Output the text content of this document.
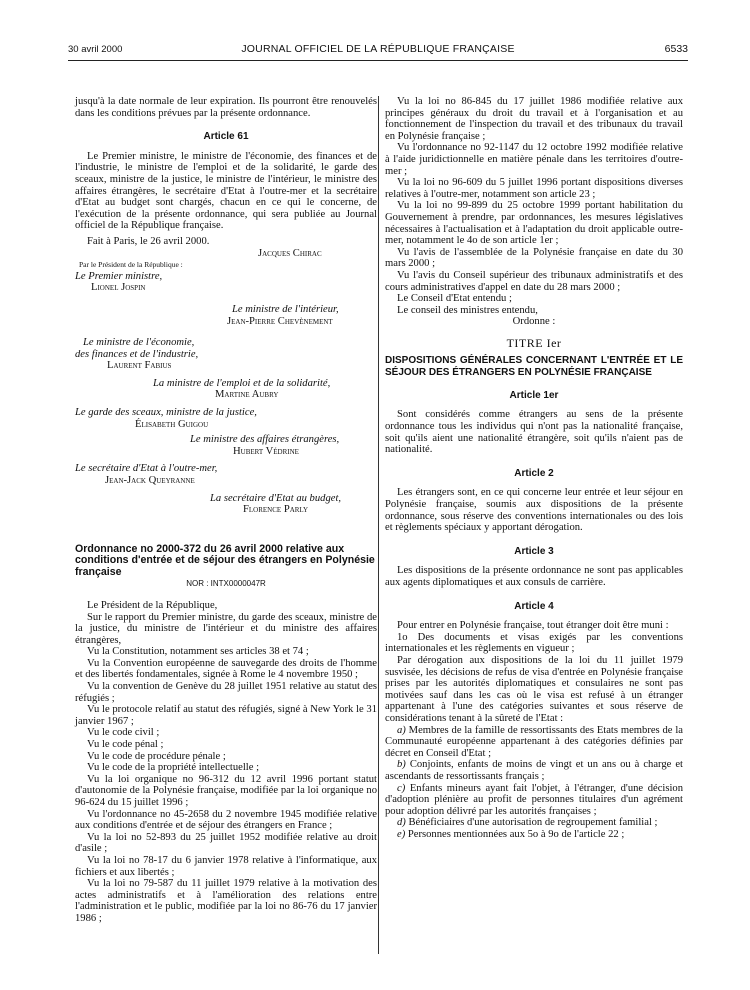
30 avril 2000	JOURNAL OFFICIEL DE LA RÉPUBLIQUE FRANÇAISE	6533

jusqu'à la date normale de leur expiration. Ils pourront être renouvelés dans les conditions prévues par la présente ordonnance.

Article 61

Le Premier ministre, le ministre de l'économie, des finances et de l'industrie, le ministre de l'emploi et de la solidarité, le garde des sceaux, ministre de la justice, le ministre de l'intérieur, le ministre des affaires étrangères, le secrétaire d'Etat à l'outre-mer et la secrétaire d'Etat au budget sont chargés, chacun en ce qui le concerne, de l'exécution de la présente ordonnance, qui sera publiée au Journal officiel de la République française.

Fait à Paris, le 26 avril 2000.

Jacques Chirac

Par le Président de la République :

Le Premier ministre,

Lionel Jospin

Le ministre de l'intérieur,

Jean-Pierre Chevènement

Le ministre de l'économie,

des finances et de l'industrie,

Laurent Fabius

La ministre de l'emploi et de la solidarité,

Martine Aubry

Le garde des sceaux, ministre de la justice,

Élisabeth Guigou

Le ministre des affaires étrangères,

Hubert Védrine

Le secrétaire d'Etat à l'outre-mer,

Jean-Jack Queyranne

La secrétaire d'Etat au budget,

Florence Parly

Ordonnance no 2000-372 du 26 avril 2000 relative aux conditions d'entrée et de séjour des étrangers en Polynésie française

NOR : INTX0000047R

Le Président de la République,

Sur le rapport du Premier ministre, du garde des sceaux, ministre de la justice, du ministre de l'intérieur et du ministre des affaires étrangères,

Vu la Constitution, notamment ses articles 38 et 74 ;

Vu la Convention européenne de sauvegarde des droits de l'homme et des libertés fondamentales, signée à Rome le 4 novembre 1950 ;

Vu la convention de Genève du 28 juillet 1951 relative au statut des réfugiés ;

Vu le protocole relatif au statut des réfugiés, signé à New York le 31 janvier 1967 ;

Vu le code civil ;

Vu le code pénal ;

Vu le code de procédure pénale ;

Vu le code de la propriété intellectuelle ;

Vu la loi organique no 96-312 du 12 avril 1996 portant statut d'autonomie de la Polynésie française, modifiée par la loi organique no 96-624 du 15 juillet 1996 ;

Vu l'ordonnance no 45-2658 du 2 novembre 1945 modifiée relative aux conditions d'entrée et de séjour des étrangers en France ;

Vu la loi no 52-893 du 25 juillet 1952 modifiée relative au droit d'asile ;

Vu la loi no 78-17 du 6 janvier 1978 relative à l'informatique, aux fichiers et aux libertés ;

Vu la loi no 79-587 du 11 juillet 1979 relative à la motivation des actes administratifs et à l'amélioration des relations entre l'administration et le public, modifiée par la loi no 86-76 du 17 janvier 1986 ;

Vu la loi no 86-845 du 17 juillet 1986 modifiée relative aux principes généraux du droit du travail et à l'organisation et au fonctionnement de l'inspection du travail et des tribunaux du travail en Polynésie française ;

Vu l'ordonnance no 92-1147 du 12 octobre 1992 modifiée relative à l'aide juridictionnelle en matière pénale dans les territoires d'outre-mer ;

Vu la loi no 96-609 du 5 juillet 1996 portant dispositions diverses relatives à l'outre-mer, notamment son article 23 ;

Vu la loi no 99-899 du 25 octobre 1999 portant habilitation du Gouvernement à prendre, par ordonnances, les mesures législatives nécessaires à l'actualisation et à l'adaptation du droit applicable outre-mer, notamment le 4o de son article 1er ;

Vu l'avis de l'assemblée de la Polynésie française en date du 30 mars 2000 ;

Vu l'avis du Conseil supérieur des tribunaux administratifs et des cours administratives d'appel en date du 28 mars 2000 ;

Le Conseil d'Etat entendu ;

Le conseil des ministres entendu,

Ordonne :

TITRE Ier

DISPOSITIONS GÉNÉRALES CONCERNANT L'ENTRÉE ET LE SÉJOUR DES ÉTRANGERS EN POLYNÉSIE FRANÇAISE

Article 1er

Sont considérés comme étrangers au sens de la présente ordonnance tous les individus qui n'ont pas la nationalité française, soit qu'ils aient une nationalité étrangère, soit qu'ils n'aient pas de nationalité.

Article 2

Les étrangers sont, en ce qui concerne leur entrée et leur séjour en Polynésie française, soumis aux dispositions de la présente ordonnance, sous réserve des conventions internationales ou des lois et règlements spéciaux y apportant dérogation.

Article 3

Les dispositions de la présente ordonnance ne sont pas applicables aux agents diplomatiques et aux consuls de carrière.

Article 4

Pour entrer en Polynésie française, tout étranger doit être muni :

1o Des documents et visas exigés par les conventions internationales et les règlements en vigueur ;

Par dérogation aux dispositions de la loi du 11 juillet 1979 susvisée, les décisions de refus de visa d'entrée en Polynésie française prises par les autorités diplomatiques et consulaires ne sont pas motivées sauf dans les cas où le visa est refusé à un étranger appartenant à l'une des catégories suivantes et sous réserve de considérations tenant à la sûreté de l'Etat :

a) Membres de la famille de ressortissants des Etats membres de la Communauté européenne appartenant à des catégories définies par décret en Conseil d'Etat ;

b) Conjoints, enfants de moins de vingt et un ans ou à charge et ascendants de ressortissants français ;

c) Enfants mineurs ayant fait l'objet, à l'étranger, d'une décision d'adoption plénière au profit de personnes titulaires d'un agrément pour adoption délivré par les autorités françaises ;

d) Bénéficiaires d'une autorisation de regroupement familial ;

e) Personnes mentionnées aux 5o à 9o de l'article 22 ;
